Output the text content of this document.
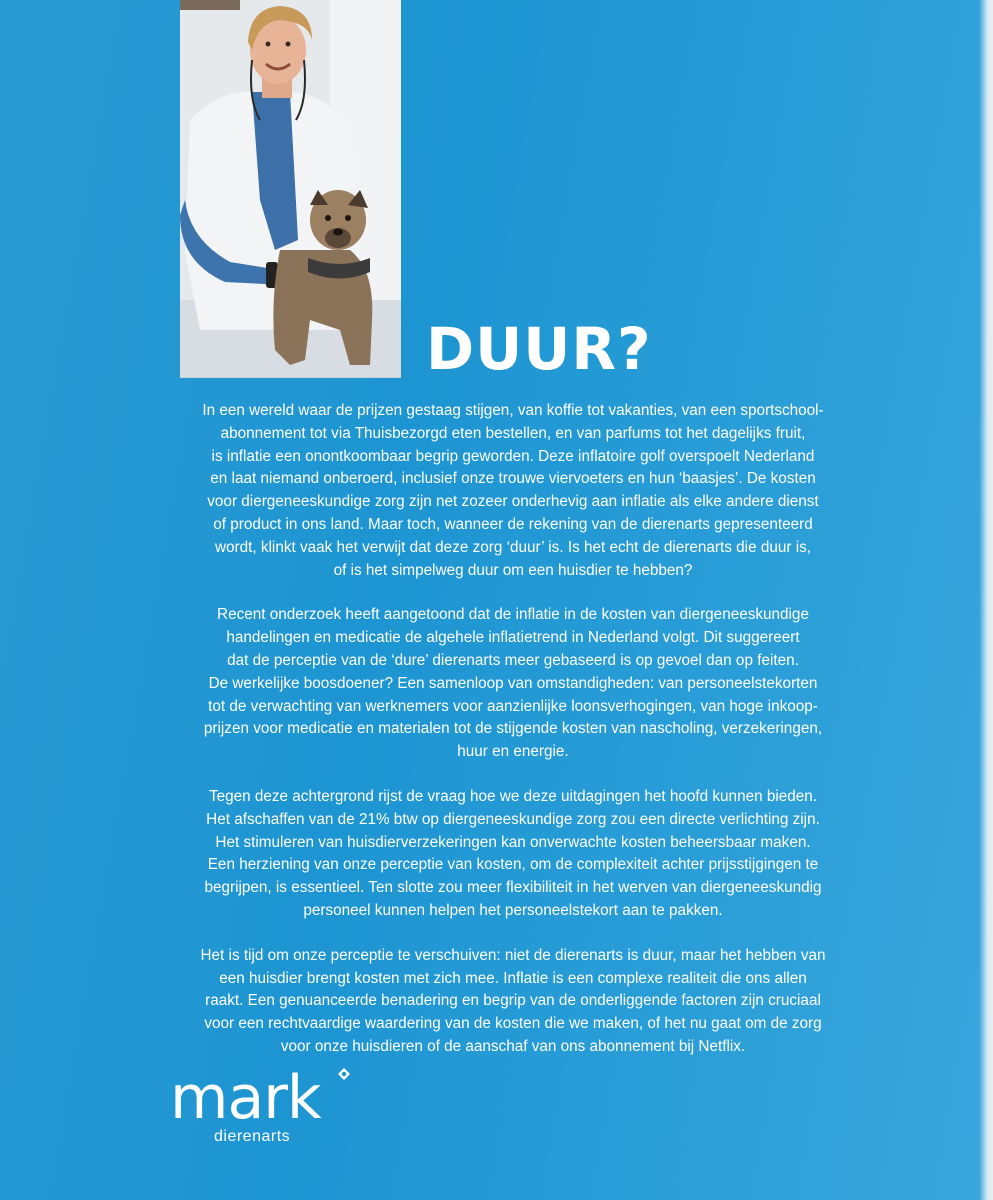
DUUR?

In een wereld waar de prijzen gestaag stijgen, van koffie tot vakanties, van een sportschool-
abonnement tot via Thuisbezorgd eten bestellen, en van parfums tot het dagelijks fruit,
is inflatie een onontkoombaar begrip geworden. Deze inflatoire golf overspoelt Nederland
en laat niemand onberoerd, inclusief onze trouwe viervoeters en hun ‘baasjes’. De kosten
voor diergeneeskundige zorg zijn net zozeer onderhevig aan inflatie als elke andere dienst
of product in ons land. Maar toch, wanneer de rekening van de dierenarts gepresenteerd
wordt, klinkt vaak het verwijt dat deze zorg ‘duur’ is. Is het echt de dierenarts die duur is,
of is het simpelweg duur om een huisdier te hebben?

Recent onderzoek heeft aangetoond dat de inflatie in de kosten van diergeneeskundige
handelingen en medicatie de algehele inflatietrend in Nederland volgt. Dit suggereert
dat de perceptie van de ‘dure’ dierenarts meer gebaseerd is op gevoel dan op feiten.
De werkelijke boosdoener? Een samenloop van omstandigheden: van personeelstekorten
tot de verwachting van werknemers voor aanzienlijke loonsverhogingen, van hoge inkoop-
prijzen voor medicatie en materialen tot de stijgende kosten van nascholing, verzekeringen,
huur en energie.

Tegen deze achtergrond rijst de vraag hoe we deze uitdagingen het hoofd kunnen bieden.
Het afschaffen van de 21% btw op diergeneeskundige zorg zou een directe verlichting zijn.
Het stimuleren van huisdierverzekeringen kan onverwachte kosten beheersbaar maken.
Een herziening van onze perceptie van kosten, om de complexiteit achter prijsstijgingen te
begrijpen, is essentieel. Ten slotte zou meer flexibiliteit in het werven van diergeneeskundig
personeel kunnen helpen het personeelstekort aan te pakken.

Het is tijd om onze perceptie te verschuiven: niet de dierenarts is duur, maar het hebben van
een huisdier brengt kosten met zich mee. Inflatie is een complexe realiteit die ons allen
raakt. Een genuanceerde benadering en begrip van de onderliggende factoren zijn cruciaal
voor een rechtvaardige waardering van de kosten die we maken, of het nu gaat om de zorg
voor onze huisdieren of de aanschaf van ons abonnement bij Netflix.

mark
dierenarts
